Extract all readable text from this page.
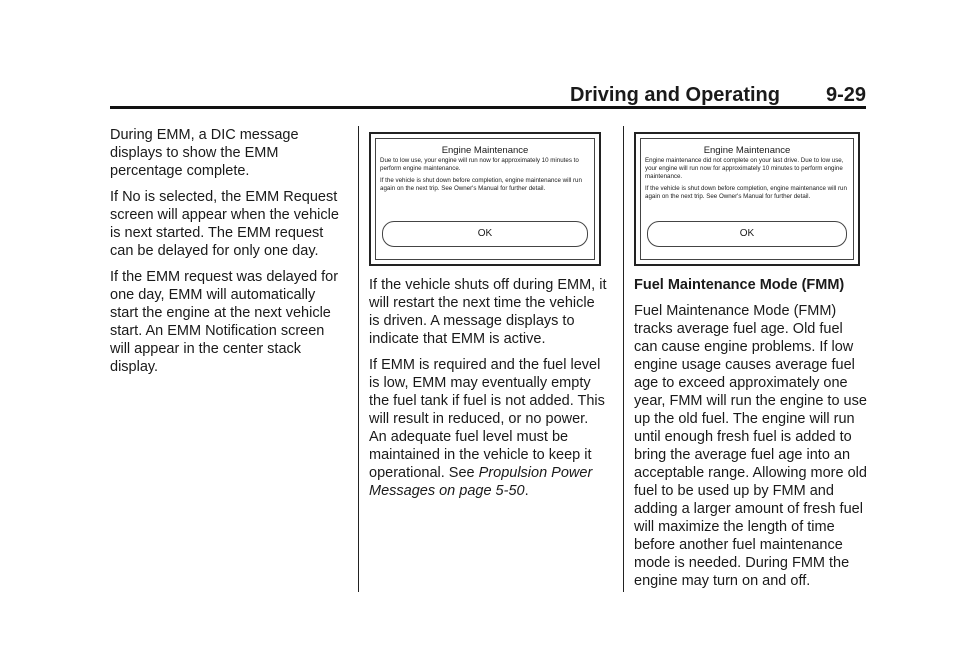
Driving and Operating 9-29

During EMM, a DIC message displays to show the EMM percentage complete.

If No is selected, the EMM Request screen will appear when the vehicle is next started. The EMM request can be delayed for only one day.

If the EMM request was delayed for one day, EMM will automatically start the engine at the next vehicle start. An EMM Notification screen will appear in the center stack display.

Engine Maintenance
Due to low use, your engine will run now for approximately 10 minutes to perform engine maintenance.
If the vehicle is shut down before completion, engine maintenance will run again on the next trip. See Owner's Manual for further detail.
OK

If the vehicle shuts off during EMM, it will restart the next time the vehicle is driven. A message displays to indicate that EMM is active.

If EMM is required and the fuel level is low, EMM may eventually empty the fuel tank if fuel is not added. This will result in reduced, or no power. An adequate fuel level must be maintained in the vehicle to keep it operational. See Propulsion Power Messages on page 5-50.

Engine Maintenance
Engine maintenance did not complete on your last drive. Due to low use, your engine will run now for approximately 10 minutes to perform engine maintenance.
If the vehicle is shut down before completion, engine maintenance will run again on the next trip. See Owner's Manual for further detail.
OK
Fuel Maintenance Mode (FMM)

Fuel Maintenance Mode (FMM) tracks average fuel age. Old fuel can cause engine problems. If low engine usage causes average fuel age to exceed approximately one year, FMM will run the engine to use up the old fuel. The engine will run until enough fresh fuel is added to bring the average fuel age into an acceptable range. Allowing more old fuel to be used up by FMM and adding a larger amount of fresh fuel will maximize the length of time before another fuel maintenance mode is needed. During FMM the engine may turn on and off.
